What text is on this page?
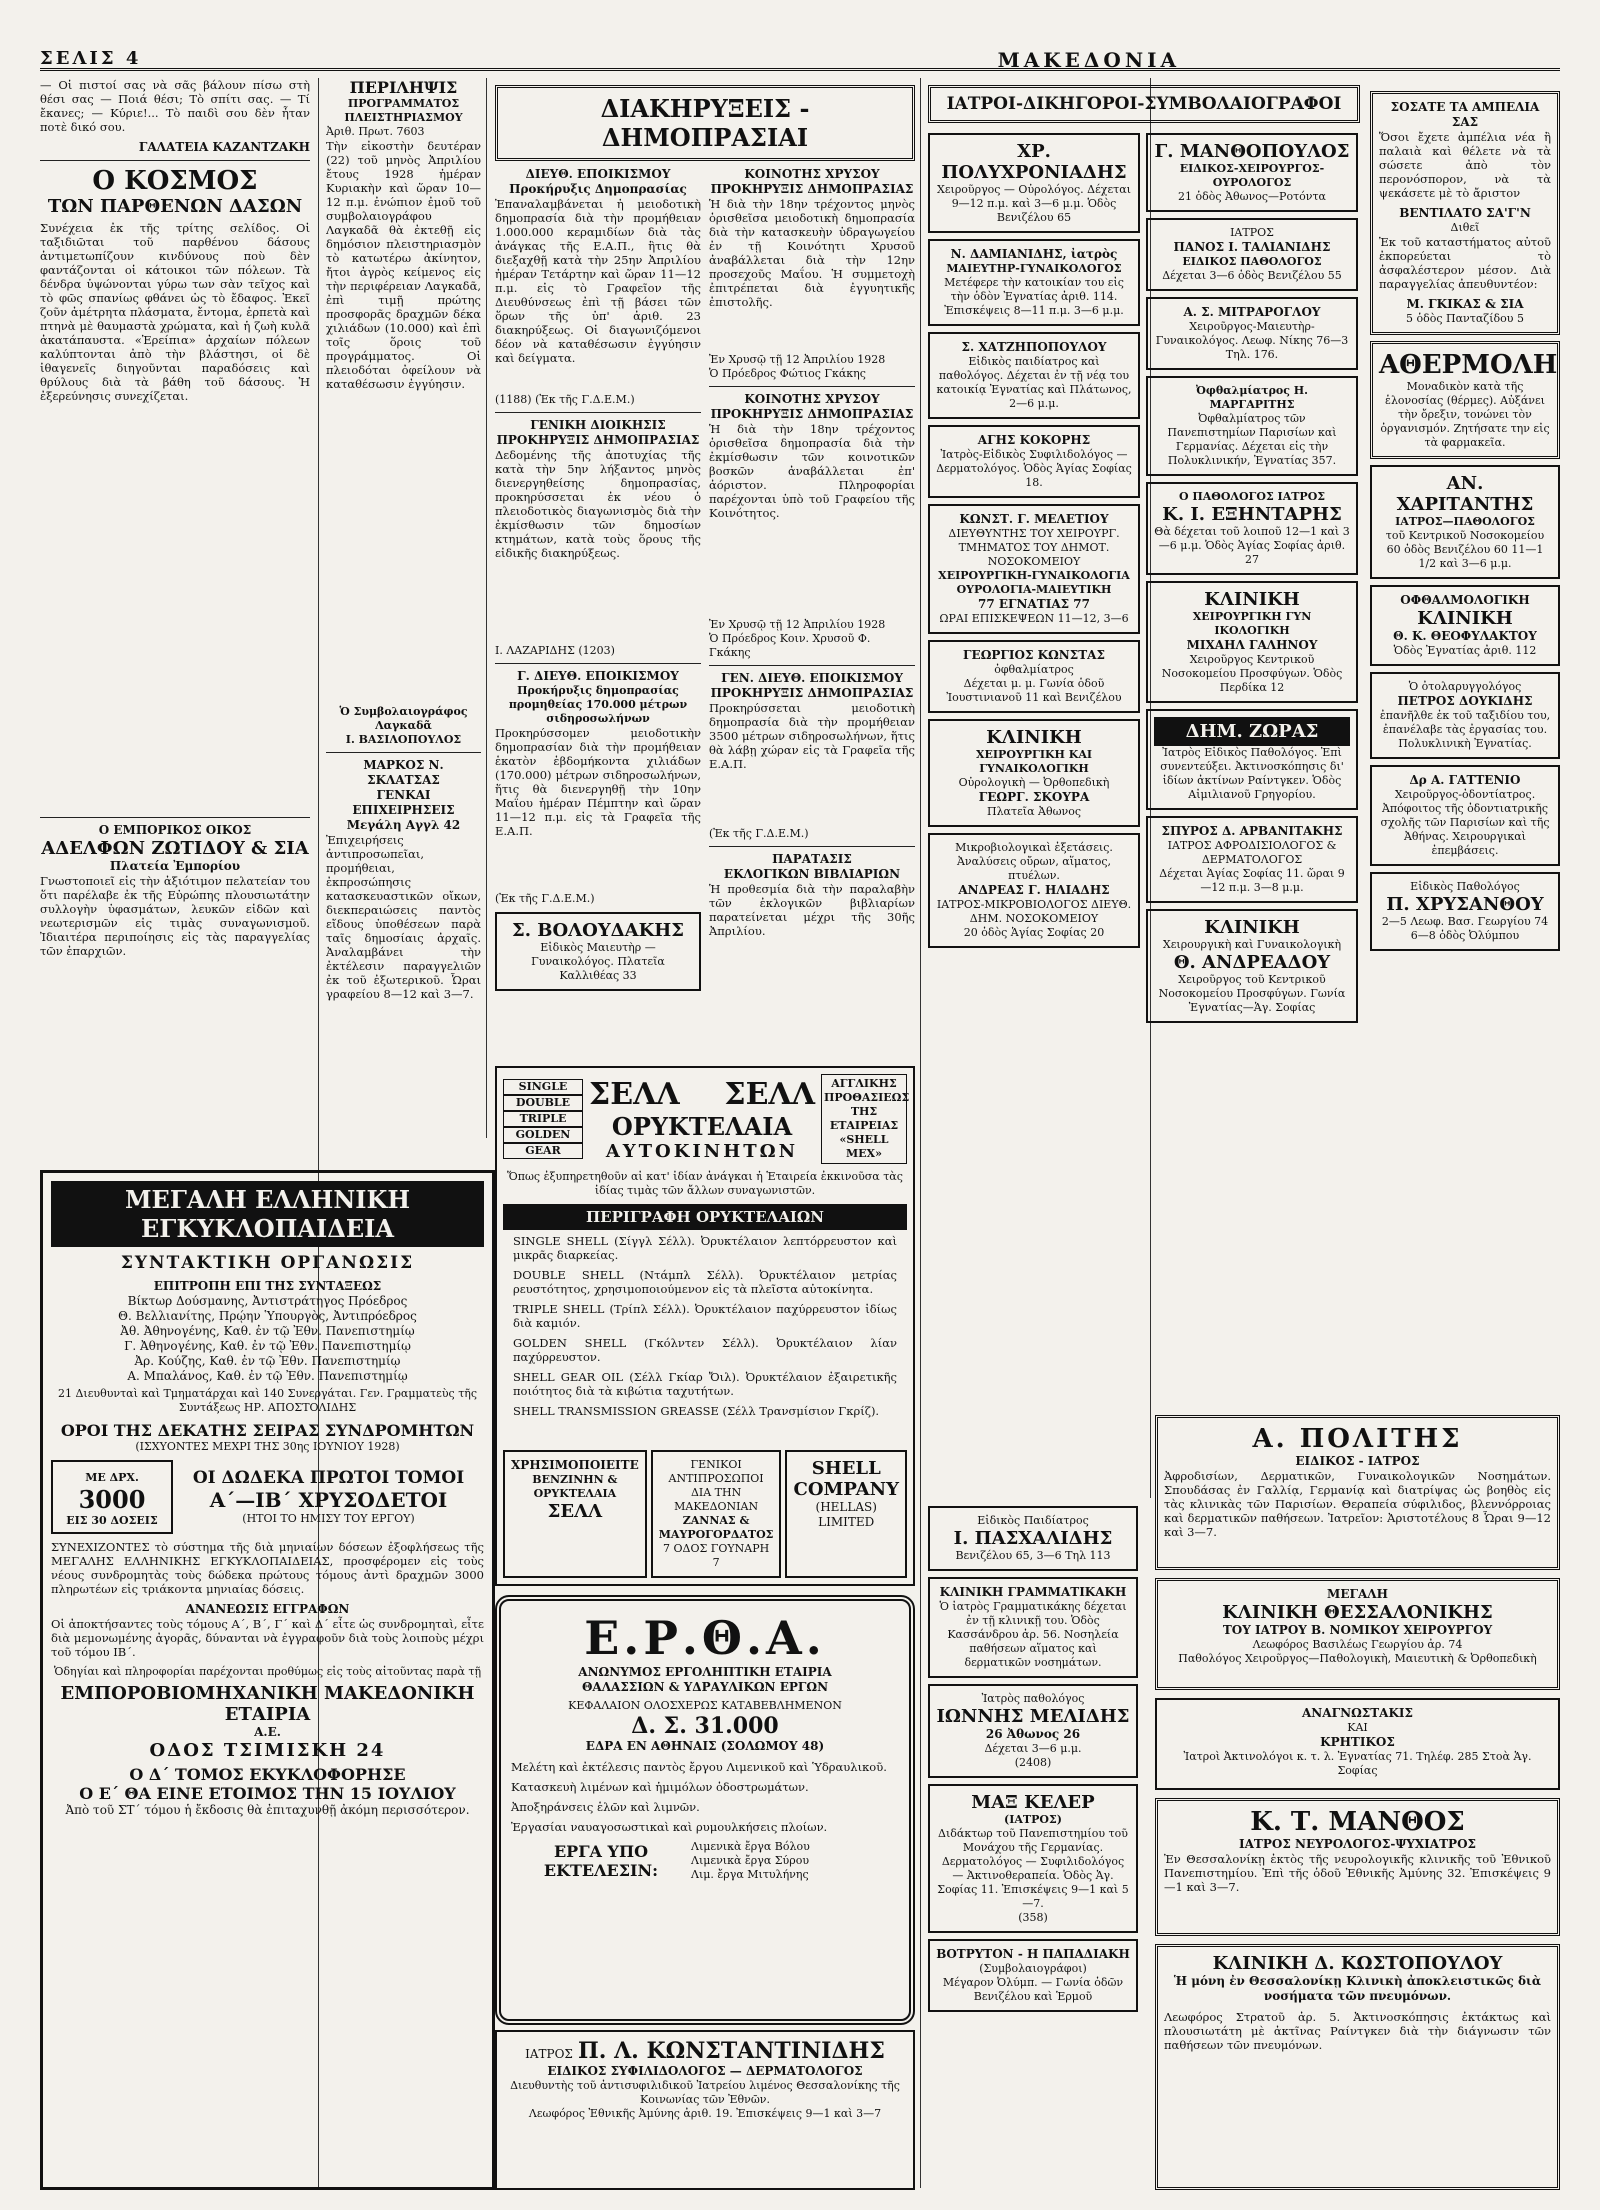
ΣΕΛΙΣ 4	ΜΑΚΕΔΟΝΙΑ

— Οἱ πιστοί σας νὰ σᾶς βάλουν πίσω στὴ θέσι σας — Ποιά θέσι; Τὸ σπίτι σας. — Τί ἔκανες; — Κύριε!... Τὸ παιδὶ σου δὲν ἦταν ποτὲ δικό σου.

ΓΑΛΑΤΕΙΑ ΚΑΖΑΝΤΖΑΚΗ
Ο ΚΟΣΜΟΣ
ΤΩΝ ΠΑΡΘΕΝΩΝ ΔΑΣΩΝ

Συνέχεια ἐκ τῆς τρίτης σελίδος. Οἱ ταξιδιῶται τοῦ παρθένου δάσους ἀντιμετωπίζουν κινδύνους ποὺ δὲν φαντάζονται οἱ κάτοικοι τῶν πόλεων. Τὰ δένδρα ὑψώνονται γύρω των σὰν τεῖχος καὶ τὸ φῶς σπανίως φθάνει ὡς τὸ ἔδαφος. Ἐκεῖ ζοῦν ἀμέτρητα πλάσματα, ἔντομα, ἑρπετὰ καὶ πτηνὰ μὲ θαυμαστὰ χρώματα, καὶ ἡ ζωὴ κυλᾶ ἀκατάπαυστα. «Ἐρείπια» ἀρχαίων πόλεων καλύπτονται ἀπὸ τὴν βλάστησι, οἱ δὲ ἰθαγενεῖς διηγοῦνται παραδόσεις καὶ θρύλους διὰ τὰ βάθη τοῦ δάσους. Ἡ ἐξερεύνησις συνεχίζεται.

Ο ΕΜΠΟΡΙΚΟΣ ΟΙΚΟΣ
ΑΔΕΛΦΩΝ ΖΩΤΙΔΟΥ & ΣΙΑ
Πλατεία Ἐμπορίου

Γνωστοποιεῖ εἰς τὴν ἀξιότιμον πελατείαν του ὅτι παρέλαβε ἐκ τῆς Εὐρώπης πλουσιωτάτην συλλογὴν ὑφασμάτων, λευκῶν εἰδῶν καὶ νεωτερισμῶν εἰς τιμὰς συναγωνισμοῦ. Ἰδιαιτέρα περιποίησις εἰς τὰς παραγγελίας τῶν ἐπαρχιῶν.

ΠΕΡΙΛΗΨΙΣ
ΠΡΟΓΡΑΜΜΑΤΟΣ ΠΛΕΙΣΤΗΡΙΑΣΜΟΥ
Ἀριθ. Πρωτ. 7603

Τὴν εἰκοστὴν δευτέραν (22) τοῦ μηνὸς Ἀπριλίου ἔτους 1928 ἡμέραν Κυριακὴν καὶ ὥραν 10—12 π.μ. ἐνώπιον ἐμοῦ τοῦ συμβολαιογράφου Λαγκαδᾶ θὰ ἐκτεθῇ εἰς δημόσιον πλειστηριασμὸν τὸ κατωτέρω ἀκίνητον, ἤτοι ἀγρὸς κείμενος εἰς τὴν περιφέρειαν Λαγκαδᾶ, ἐπὶ τιμῇ πρώτης προσφορᾶς δραχμῶν δέκα χιλιάδων (10.000) καὶ ἐπὶ τοῖς ὅροις τοῦ προγράμματος. Οἱ πλειοδόται ὀφείλουν νὰ καταθέσωσιν ἐγγύησιν.

Ὁ Συμβολαιογράφος Λαγκαδᾶ
Ι. ΒΑΣΙΛΟΠΟΥΛΟΣ
ΜΑΡΚΟΣ Ν. ΣΚΛΑΤΣΑΣ
ΓΕΝΚΑΙ ΕΠΙΧΕΙΡΗΣΕΙΣ
Μεγάλη Αγγλ 42

Ἐπιχειρήσεις ἀντιπροσωπεῖαι, προμήθειαι, ἐκπροσώπησις κατασκευαστικῶν οἴκων, διεκπεραιώσεις παντὸς εἴδους ὑποθέσεων παρὰ ταῖς δημοσίαις ἀρχαῖς. Ἀναλαμβάνει τὴν ἐκτέλεσιν παραγγελιῶν ἐκ τοῦ ἐξωτερικοῦ. Ὧραι γραφείου 8—12 καὶ 3—7.

ΜΕΓΑΛΗ ΕΛΛΗΝΙΚΗ ΕΓΚΥΚΛΟΠΑΙΔΕΙΑ
ΣΥΝΤΑΚΤΙΚΗ ΟΡΓΑΝΩΣΙΣ
ΕΠΙΤΡΟΠΗ ΕΠΙ ΤΗΣ ΣΥΝΤΑΞΕΩΣ
Βίκτωρ Δούσμανης, Ἀντιστράτηγος Πρόεδρος
Θ. Βελλιανίτης, Πρῴην Ὑπουργὸς, Ἀντιπρόεδρος
Ἀθ. Ἀθηνογένης, Καθ. ἐν τῷ Ἐθν. Πανεπιστημίῳ
Γ. Ἀθηνογένης, Καθ. ἐν τῷ Ἐθν. Πανεπιστημίῳ
Ἀρ. Κούζης, Καθ. ἐν τῷ Ἐθν. Πανεπιστημίῳ
Α. Μπαλάνος, Καθ. ἐν τῷ Ἐθν. Πανεπιστημίῳ
21 Διευθυνταὶ καὶ Τμηματάρχαι καὶ 140 Συνεργάται. Γεν. Γραμματεὺς τῆς Συντάξεως ΗΡ. ΑΠΟΣΤΟΛΙΔΗΣ
ΟΡΟΙ ΤΗΣ ΔΕΚΑΤΗΣ ΣΕΙΡΑΣ ΣΥΝΔΡΟΜΗΤΩΝ
(ΙΣΧΥΟΝΤΕΣ ΜΕΧΡΙ ΤΗΣ 30ης ΙΟΥΝΙΟΥ 1928)
ΜΕ ΔΡΧ. 3000
ΕΙΣ 30 ΔΟΣΕΙΣ
ΟΙ ΔΩΔΕΚΑ ΠΡΩΤΟΙ ΤΟΜΟΙ
Α΄—ΙΒ΄ ΧΡΥΣΟΔΕΤΟΙ
(ΗΤΟΙ ΤΟ ΗΜΙΣΥ ΤΟΥ ΕΡΓΟΥ)

ΣΥΝΕΧΙΖΟΝΤΕΣ τὸ σύστημα τῆς διὰ μηνιαίων δόσεων ἐξοφλήσεως τῆς ΜΕΓΑΛΗΣ ΕΛΛΗΝΙΚΗΣ ΕΓΚΥΚΛΟΠΑΙΔΕΙΑΣ, προσφέρομεν εἰς τοὺς νέους συνδρομητὰς τοὺς δώδεκα πρώτους τόμους ἀντὶ δραχμῶν 3000 πληρωτέων εἰς τριάκοντα μηνιαίας δόσεις.

ΑΝΑΝΕΩΣΙΣ ΕΓΓΡΑΦΩΝ

Οἱ ἀποκτήσαντες τοὺς τόμους Α΄, Β΄, Γ΄ καὶ Δ΄ εἶτε ὡς συνδρομηταὶ, εἶτε διὰ μεμονωμένης ἀγορᾶς, δύνανται νὰ ἐγγραφοῦν διὰ τοὺς λοιποὺς μέχρι τοῦ τόμου ΙΒ΄.

Ὁδηγίαι καὶ πληροφορίαι παρέχονται προθύμως εἰς τοὺς αἰτοῦντας παρὰ τῇ
ΕΜΠΟΡΟΒΙΟΜΗΧΑΝΙΚΗ ΜΑΚΕΔΟΝΙΚΗ ΕΤΑΙΡΙΑ
Α.Ε.
ΟΔΟΣ ΤΣΙΜΙΣΚΗ 24
Ο Δ΄ ΤΟΜΟΣ ΕΚΥΚΛΟΦΟΡΗΣΕ
Ο Ε΄ ΘΑ ΕΙΝΕ ΕΤΟΙΜΟΣ ΤΗΝ 15 ΙΟΥΛΙΟΥ
Ἀπὸ τοῦ ΣΤ΄ τόμου ἡ ἔκδοσις θὰ ἐπιταχυνθῇ ἀκόμη περισσότερον.
ΔΙΑΚΗΡΥΞΕΙΣ - ΔΗΜΟΠΡΑΣΙΑΙ
ΔΙΕΥΘ. ΕΠΟΙΚΙΣΜΟΥ
Προκήρυξις Δημοπρασίας

Ἐπαναλαμβάνεται ἡ μειοδοτικὴ δημοπρασία διὰ τὴν προμήθειαν 1.000.000 κεραμιδίων διὰ τὰς ἀνάγκας τῆς Ε.Α.Π., ἣτις θὰ διεξαχθῇ κατὰ τὴν 25ην Ἀπριλίου ἡμέραν Τετάρτην καὶ ὥραν 11—12 π.μ. εἰς τὸ Γραφεῖον τῆς Διευθύνσεως ἐπὶ τῇ βάσει τῶν ὅρων τῆς ὑπ' ἀριθ. 23 διακηρύξεως. Οἱ διαγωνιζόμενοι δέον νὰ καταθέσωσιν ἐγγύησιν καὶ δείγματα.

(1188) (Ἐκ τῆς Γ.Δ.Ε.Μ.)
ΓΕΝΙΚΗ ΔΙΟΙΚΗΣΙΣ
ΠΡΟΚΗΡΥΞΙΣ ΔΗΜΟΠΡΑΣΙΑΣ

Δεδομένης τῆς ἀποτυχίας τῆς κατὰ τὴν 5ην λήξαντος μηνὸς διενεργηθείσης δημοπρασίας, προκηρύσσεται ἐκ νέου ὁ πλειοδοτικὸς διαγωνισμὸς διὰ τὴν ἐκμίσθωσιν τῶν δημοσίων κτημάτων, κατὰ τοὺς ὅρους τῆς εἰδικῆς διακηρύξεως.

Ι. ΛΑΖΑΡΙΔΗΣ (1203)
Γ. ΔΙΕΥΘ. ΕΠΟΙΚΙΣΜΟΥ
Προκήρυξις δημοπρασίας προμηθείας 170.000 μέτρων σιδηροσωλήνων

Προκηρύσσομεν μειοδοτικὴν δημοπρασίαν διὰ τὴν προμήθειαν ἑκατὸν ἑβδομήκοντα χιλιάδων (170.000) μέτρων σιδηροσωλήνων, ἥτις θὰ διενεργηθῇ τὴν 10ην Μαΐου ἡμέραν Πέμπτην καὶ ὥραν 11—12 π.μ. εἰς τὰ Γραφεῖα τῆς Ε.Α.Π.

(Ἐκ τῆς Γ.Δ.Ε.Μ.)
Σ. ΒΟΛΟΥΔΑΚΗΣ
Εἰδικὸς Μαιευτὴρ — Γυναικολόγος. Πλατεῖα Καλλιθέας 33
ΚΟΙΝΟΤΗΣ ΧΡΥΣΟΥ
ΠΡΟΚΗΡΥΞΙΣ ΔΗΜΟΠΡΑΣΙΑΣ

Ἡ διὰ τὴν 18ην τρέχοντος μηνὸς ὁρισθεῖσα μειοδοτικὴ δημοπρασία διὰ τὴν κατασκευὴν ὑδραγωγείου ἐν τῇ Κοινότητι Χρυσοῦ ἀναβάλλεται διὰ τὴν 12ην προσεχοῦς Μαΐου. Ἡ συμμετοχὴ ἐπιτρέπεται διὰ ἐγγυητικῆς ἐπιστολῆς.

Ἐν Χρυσῷ τῇ 12 Ἀπριλίου 1928
Ὁ Πρόεδρος Φώτιος Γκάκης
ΚΟΙΝΟΤΗΣ ΧΡΥΣΟΥ
ΠΡΟΚΗΡΥΞΙΣ ΔΗΜΟΠΡΑΣΙΑΣ

Ἡ διὰ τὴν 18ην τρέχοντος ὁρισθεῖσα δημοπρασία διὰ τὴν ἐκμίσθωσιν τῶν κοινοτικῶν βοσκῶν ἀναβάλλεται ἐπ' ἀόριστον. Πληροφορίαι παρέχονται ὑπὸ τοῦ Γραφείου τῆς Κοινότητος.

Ἐν Χρυσῷ τῇ 12 Ἀπριλίου 1928
Ὁ Πρόεδρος Κοιν. Χρυσοῦ Φ. Γκάκης
ΓΕΝ. ΔΙΕΥΘ. ΕΠΟΙΚΙΣΜΟΥ
ΠΡΟΚΗΡΥΞΙΣ ΔΗΜΟΠΡΑΣΙΑΣ

Προκηρύσσεται μειοδοτικὴ δημοπρασία διὰ τὴν προμήθειαν 3500 μέτρων σιδηροσωλήνων, ἥτις θὰ λάβῃ χώραν εἰς τὰ Γραφεῖα τῆς Ε.Α.Π.

(Ἐκ τῆς Γ.Δ.Ε.Μ.)
ΠΑΡΑΤΑΣΙΣ
ΕΚΛΟΓΙΚΩΝ ΒΙΒΛΙΑΡΙΩΝ

Ἡ προθεσμία διὰ τὴν παραλαβὴν τῶν ἐκλογικῶν βιβλιαρίων παρατείνεται μέχρι τῆς 30ῆς Ἀπριλίου.

SINGLE
DOUBLE
TRIPLE
GOLDEN
GEAR
ΣΕΛΛ ΣΕΛΛ
ΟΡΥΚΤΕΛΑΙΑ
ΑΥΤΟΚΙΝΗΤΩΝ
ΑΓΓΛΙΚΗΣ ΠΡΟΘΑΣΙΕΩΣ ΤΗΣ ΕΤΑΙΡΕΙΑΣ «SHELL MEX»
Ὅπως ἐξυπηρετηθοῦν αἱ κατ' ἰδίαν ἀνάγκαι ἡ Ἑταιρεία ἐκκινοῦσα τὰς ἰδίας τιμὰς τῶν ἄλλων συναγωνιστῶν.
ΠΕΡΙΓΡΑΦΗ ΟΡΥΚΤΕΛΑΙΩΝ

SINGLE SHELL (Σίγγλ Σέλλ). Ὀρυκτέλαιον λεπτόρρευστον καὶ μικρᾶς διαρκείας.

DOUBLE SHELL (Ντάμπλ Σέλλ). Ὀρυκτέλαιον μετρίας ρευστότητος, χρησιμοποιούμενον εἰς τὰ πλεῖστα αὐτοκίνητα.

TRIPLE SHELL (Τρίπλ Σέλλ). Ὀρυκτέλαιον παχύρρευστον ἰδίως διὰ καμιόν.

GOLDEN SHELL (Γκόλντεν Σέλλ). Ὀρυκτέλαιον λίαν παχύρρευστον.

SHELL GEAR OIL (Σέλλ Γκίαρ Ὄιλ). Ὀρυκτέλαιον ἐξαιρετικῆς ποιότητος διὰ τὰ κιβώτια ταχυτήτων.

SHELL TRANSMISSION GREASSE (Σέλλ Τρανσμίσιον Γκρίζ).

ΧΡΗΣΙΜΟΠΟΙΕΙΤΕ
ΒΕΝΖΙΝΗΝ & ΟΡΥΚΤΕΛΑΙΑ
ΣΕΛΛ
ΓΕΝΙΚΟΙ ΑΝΤΙΠΡΟΣΩΠΟΙ
ΔΙΑ ΤΗΝ ΜΑΚΕΔΟΝΙΑΝ
ΖΑΝΝΑΣ & ΜΑΥΡΟΓΟΡΔΑΤΟΣ
7 ΟΔΟΣ ΓΟΥΝΑΡΗ 7
SHELL COMPANY
(HELLAS) LIMITED
Ε.Ρ.Θ.Α.
ΑΝΩΝΥΜΟΣ ΕΡΓΟΛΗΠΤΙΚΗ ΕΤΑΙΡΙΑ
ΘΑΛΑΣΣΙΩΝ & ΥΔΡΑΥΛΙΚΩΝ ΕΡΓΩΝ
ΚΕΦΑΛΑΙΟΝ ΟΛΟΣΧΕΡΩΣ ΚΑΤΑΒΕΒΛΗΜΕΝΟΝ
Δ. Σ. 31.000
ΕΔΡΑ ΕΝ ΑΘΗΝΑΙΣ (ΣΟΛΩΜΟΥ 48)

Μελέτη καὶ ἐκτέλεσις παντὸς ἔργου Λιμενικοῦ καὶ Ὑδραυλικοῦ.

Κατασκευὴ λιμένων καὶ ἡμιμόλων ὁδοστρωμάτων.

Ἀποξηράνσεις ἑλῶν καὶ λιμνῶν.

Ἐργασίαι ναυαγοσωστικαὶ καὶ ρυμουλκήσεις πλοίων.

ΕΡΓΑ ΥΠΟ ΕΚΤΕΛΕΣΙΝ:
Λιμενικὰ ἔργα Βόλου
Λιμενικὰ ἔργα Σύρου
Λιμ. ἔργα Μιτυλήνης
ΙΑΤΡΟΣ Π. Λ. ΚΩΝΣΤΑΝΤΙΝΙΔΗΣ
ΕΙΔΙΚΟΣ ΣΥΦΙΛΙΔΟΛΟΓΟΣ — ΔΕΡΜΑΤΟΛΟΓΟΣ
Διευθυντὴς τοῦ ἀντισυφιλιδικοῦ Ἰατρείου λιμένος Θεσσαλονίκης τῆς Κοινωνίας τῶν Ἐθνῶν.
Λεωφόρος Ἐθνικῆς Ἀμύνης ἀριθ. 19. Ἐπισκέψεις 9—1 καὶ 3—7
ΙΑΤΡΟΙ-ΔΙΚΗΓΟΡΟΙ-ΣΥΜΒΟΛΑΙΟΓΡΑΦΟΙ
ΧΡ. ΠΟΛΥΧΡΟΝΙΑΔΗΣ
Χειροῦργος — Οὐρολόγος. Δέχεται 9—12 π.μ. καὶ 3—6 μ.μ. Ὁδὸς Βενιζέλου 65
Ν. ΔΑΜΙΑΝΙΔΗΣ, ἰατρὸς
ΜΑΙΕΥΤΗΡ-ΓΥΝΑΙΚΟΛΟΓΟΣ
Μετέφερε τὴν κατοικίαν του εἰς τὴν ὁδὸν Ἐγνατίας ἀριθ. 114. Ἐπισκέψεις 8—11 π.μ. 3—6 μ.μ.
Σ. ΧΑΤΖΗΠΟΠΟΥΛΟΥ
Εἰδικὸς παιδίατρος καὶ παθολόγος. Δέχεται ἐν τῇ νέᾳ του κατοικίᾳ Ἐγνατίας καὶ Πλάτωνος, 2—6 μ.μ.
ΑΓΗΣ ΚΟΚΟΡΗΣ
Ἰατρὸς-Εἰδικὸς Συφιλιδολόγος — Δερματολόγος. Ὁδὸς Ἁγίας Σοφίας 18.
ΚΩΝΣΤ. Γ. ΜΕΛΕΤΙΟΥ
ΔΙΕΥΘΥΝΤΗΣ ΤΟΥ ΧΕΙΡΟΥΡΓ. ΤΜΗΜΑΤΟΣ ΤΟΥ ΔΗΜΟΤ. ΝΟΣΟΚΟΜΕΙΟΥ
ΧΕΙΡΟΥΡΓΙΚΗ-ΓΥΝΑΙΚΟΛΟΓΙΑ
ΟΥΡΟΛΟΓΙΑ-ΜΑΙΕΥΤΙΚΗ
77 ΕΓΝΑΤΙΑΣ 77
ΩΡΑΙ ΕΠΙΣΚΕΨΕΩΝ 11—12, 3—6
ΓΕΩΡΓΙΟΣ ΚΩΝΣΤΑΣ
ὀφθαλμίατρος
Δέχεται μ. μ. Γωνία ὁδοῦ Ἰουστινιανοῦ 11 καὶ Βενιζέλου
ΚΛΙΝΙΚΗ
ΧΕΙΡΟΥΡΓΙΚΗ ΚΑΙ ΓΥΝΑΙΚΟΛΟΓΙΚΗ
Οὐρολογικὴ — Ὀρθοπεδικὴ
ΓΕΩΡΓ. ΣΚΟΥΡΑ
Πλατεῖα Ἀθωνος
Μικροβιολογικαὶ ἐξετάσεις. Ἀναλύσεις οὔρων, αἵματος, πτυέλων.
ΑΝΔΡΕΑΣ Γ. ΗΛΙΑΔΗΣ
ΙΑΤΡΟΣ-ΜΙΚΡΟΒΙΟΛΟΓΟΣ ΔΙΕΥΘ. ΔΗΜ. ΝΟΣΟΚΟΜΕΙΟΥ
20 ὁδὸς Ἁγίας Σοφίας 20
Γ. ΜΑΝΘΟΠΟΥΛΟΣ
ΕΙΔΙΚΟΣ-ΧΕΙΡΟΥΡΓΟΣ-ΟΥΡΟΛΟΓΟΣ
21 ὁδὸς Ἀθωνος—Ροτόντα
ΙΑΤΡΟΣ
ΠΑΝΟΣ Ι. ΤΑΛΙΑΝΙΔΗΣ
ΕΙΔΙΚΟΣ ΠΑΘΟΛΟΓΟΣ
Δέχεται 3—6 ὁδὸς Βενιζέλου 55
Α. Σ. ΜΙΤΡΑΡΟΓΛΟΥ
Χειροῦργος-Μαιευτὴρ-Γυναικολόγος. Λεωφ. Νίκης 76—3 Τηλ. 176.
Ὀφθαλμίατρος Η. ΜΑΡΓΑΡΙΤΗΣ
Ὀφθαλμίατρος τῶν Πανεπιστημίων Παρισίων καὶ Γερμανίας. Δέχεται εἰς τὴν Πολυκλινικήν, Ἐγνατίας 357.
Ο ΠΑΘΟΛΟΓΟΣ ΙΑΤΡΟΣ
Κ. Ι. ΕΞΗΝΤΑΡΗΣ
Θὰ δέχεται τοῦ λοιποῦ 12—1 καὶ 3—6 μ.μ. Ὁδὸς Ἁγίας Σοφίας ἀριθ. 27
ΚΛΙΝΙΚΗ
ΧΕΙΡΟΥΡΓΙΚΗ ΓΥΝ ΙΚΟΛΟΓΙΚΗ
ΜΙΧΑΗΛ ΓΑΛΗΝΟΥ
Χειροῦργος Κεντρικοῦ Νοσοκομείου Προσφύγων. Ὁδὸς Περδίκα 12
ΔΗΜ. ΖΩΡΑΣ
Ἰατρὸς Εἰδικὸς Παθολόγος. Ἐπὶ συνεντεύξει. Ἀκτινοσκόπησις δι' ἰδίων ἀκτίνων Ραίντγκεν. Ὁδὸς Αἰμιλιανοῦ Γρηγορίου.
ΣΠΥΡΟΣ Δ. ΑΡΒΑΝΙΤΑΚΗΣ
ΙΑΤΡΟΣ ΑΦΡΟΔΙΣΙΟΛΟΓΟΣ & ΔΕΡΜΑΤΟΛΟΓΟΣ
Δέχεται Ἁγίας Σοφίας 11. ὥραι 9—12 π.μ. 3—8 μ.μ.
ΚΛΙΝΙΚΗ
Χειρουργικὴ καὶ Γυναικολογικὴ
Θ. ΑΝΔΡΕΑΔΟΥ
Χειροῦργος τοῦ Κεντρικοῦ Νοσοκομείου Προσφύγων. Γωνία Ἐγνατίας—Ἁγ. Σοφίας
Εἰδικὸς Παιδίατρος
Ι. ΠΑΣΧΑΛΙΔΗΣ
Βενιζέλου 65, 3—6 Τηλ 113
ΚΛΙΝΙΚΗ ΓΡΑΜΜΑΤΙΚΑΚΗ
Ὁ ἰατρὸς Γραμματικάκης δέχεται ἐν τῇ κλινικῇ του. Ὁδὸς Κασσάνδρου ἀρ. 56. Νοσηλεία παθήσεων αἵματος καὶ δερματικῶν νοσημάτων.
Ἰατρὸς παθολόγος
ΙΩΝΝΗΣ ΜΕΛΙΔΗΣ
26 Ἀθωνος 26
Δέχεται 3—6 μ.μ.
(2408)
ΜΑΞ ΚΕΛΕΡ
(ΙΑΤΡΟΣ)
Διδάκτωρ τοῦ Πανεπιστημίου τοῦ Μονάχου τῆς Γερμανίας. Δερματολόγος — Συφιλιδολόγος — Ἀκτινοθεραπεία. Ὁδὸς Ἁγ. Σοφίας 11. Ἐπισκέψεις 9—1 καὶ 5—7.
(358)
ΒΟΤΡΥΤΟΝ - Η ΠΑΠΑΔΙΑΚΗ
(Συμβολαιογράφοι)
Μέγαρον Ὀλύμπ. — Γωνία ὁδῶν Βενιζέλου καὶ Ἑρμοῦ
ΣΟΣΑΤΕ ΤΑ ΑΜΠΕΛΙΑ ΣΑΣ

Ὅσοι ἔχετε ἀμπέλια νέα ἢ παλαιὰ καὶ θέλετε νὰ τὰ σώσετε ἀπὸ τὸν περονόσπορον, νὰ τὰ ψεκάσετε μὲ τὸ ἄριστον

ΒΕΝΤΙΛΑΤΟ ΣΑ'Γ'Ν
Διθεῖ

Ἐκ τοῦ καταστήματος αὐτοῦ ἐκπορεύεται τὸ ἀσφαλέστερον μέσον. Διὰ παραγγελίας ἀπευθυντέον:

Μ. ΓΚΙΚΑΣ & ΣΙΑ
5 ὁδὸς Πανταζίδου 5
ΑΘΕΡΜΟΛΗ
Μοναδικὸν κατὰ τῆς ἑλονοσίας (θέρμες). Αὐξάνει τὴν ὄρεξιν, τονώνει τὸν ὀργανισμόν. Ζητήσατε την εἰς τὰ φαρμακεῖα.
ΑΝ. ΧΑΡΙΤΑΝΤΗΣ
ΙΑΤΡΟΣ—ΠΑΘΟΛΟΓΟΣ
τοῦ Κεντρικοῦ Νοσοκομείου 60 ὁδὸς Βενιζέλου 60 11—1 1/2 καὶ 3—6 μ.μ.
ΟΦΘΑΛΜΟΛΟΓΙΚΗ
ΚΛΙΝΙΚΗ
Θ. Κ. ΘΕΟΦΥΛΑΚΤΟΥ
Ὁδὸς Ἐγνατίας ἀριθ. 112
Ὁ ὀτολαρυγγολόγος
ΠΕΤΡΟΣ ΔΟΥΚΙΔΗΣ
ἐπανῆλθε ἐκ τοῦ ταξιδίου του, ἐπανέλαβε τὰς ἐργασίας του. Πολυκλινικὴ Ἐγνατίας.
Δρ Α. ΓΑΤΤΕΝΙΟ
Χειροῦργος-ὀδοντίατρος. Ἀπόφοιτος τῆς ὀδοντιατρικῆς σχολῆς τῶν Παρισίων καὶ τῆς Ἀθήνας. Χειρουργικαὶ ἐπεμβάσεις.
Εἰδικὸς Παθολόγος
Π. ΧΡΥΣΑΝΘΟΥ
2—5 Λεωφ. Βασ. Γεωργίου 74 6—8 ὁδὸς Ὀλύμπου
Α. ΠΟΛΙΤΗΣ
ΕΙΔΙΚΟΣ - ΙΑΤΡΟΣ

Ἀφροδισίων, Δερματικῶν, Γυναικολογικῶν Νοσημάτων. Σπουδάσας ἐν Γαλλίᾳ, Γερμανίᾳ καὶ διατρίψας ὡς βοηθὸς εἰς τὰς κλινικὰς τῶν Παρισίων. Θεραπεία σύφιλιδος, βλεννόρροιας καὶ δερματικῶν παθήσεων. Ἰατρεῖον: Ἀριστοτέλους 8 Ὧραι 9—12 καὶ 3—7.

ΜΕΓΑΛΗ
ΚΛΙΝΙΚΗ ΘΕΣΣΑΛΟΝΙΚΗΣ
ΤΟΥ ΙΑΤΡΟΥ Β. ΝΟΜΙΚΟΥ ΧΕΙΡΟΥΡΓΟΥ
Λεωφόρος Βασιλέως Γεωργίου ἀρ. 74
Παθολόγος Χειροῦργος—Παθολογικὴ, Μαιευτικὴ & Ὀρθοπεδικὴ
ΑΝΑΓΝΩΣΤΑΚΙΣ
ΚΑΙ
ΚΡΗΤΙΚΟΣ
Ἰατροὶ Ἀκτινολόγοι κ. τ. λ. Ἐγνατίας 71. Τηλέφ. 285 Στοὰ Ἁγ. Σοφίας
Κ. Τ. ΜΑΝΘΟΣ
ΙΑΤΡΟΣ ΝΕΥΡΟΛΟΓΟΣ-ΨΥΧΙΑΤΡΟΣ

Ἐν Θεσσαλονίκῃ ἐκτὸς τῆς νευρολογικῆς κλινικῆς τοῦ Ἐθνικοῦ Πανεπιστημίου. Ἐπὶ τῆς ὁδοῦ Ἐθνικῆς Ἀμύνης 32. Ἐπισκέψεις 9—1 καὶ 3—7.

ΚΛΙΝΙΚΗ Δ. ΚΩΣΤΟΠΟΥΛΟΥ
Ἡ μόνη ἐν Θεσσαλονίκῃ Κλινικὴ ἀποκλειστικῶς διὰ νοσήματα τῶν πνευμόνων.

Λεωφόρος Στρατοῦ ἀρ. 5. Ἀκτινοσκόπησις ἐκτάκτως καὶ πλουσιωτάτη μὲ ἀκτῖνας Ραίντγκεν διὰ τὴν διάγνωσιν τῶν παθήσεων τῶν πνευμόνων.
